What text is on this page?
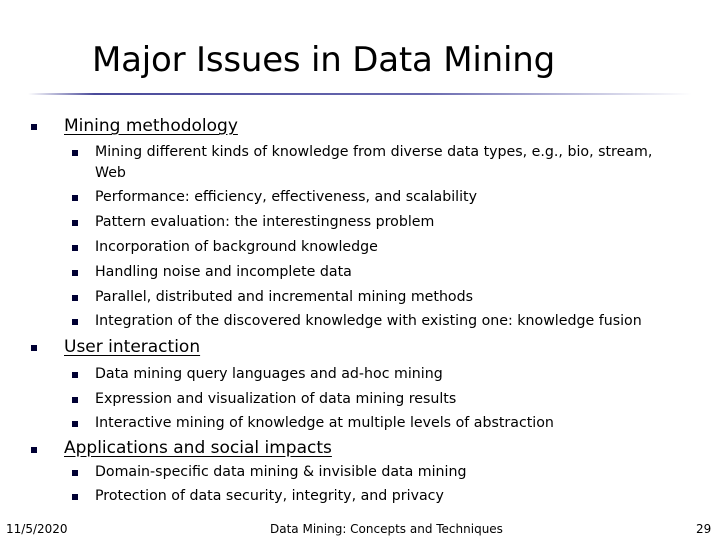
Major Issues in Data Mining
Mining methodology
Mining different kinds of knowledge from diverse data types, e.g., bio, stream,
Web
Performance: efficiency, effectiveness, and scalability
Pattern evaluation: the interestingness problem
Incorporation of background knowledge
Handling noise and incomplete data
Parallel, distributed and incremental mining methods
Integration of the discovered knowledge with existing one: knowledge fusion
User interaction
Data mining query languages and ad-hoc mining
Expression and visualization of data mining results
Interactive mining of knowledge at multiple levels of abstraction
Applications and social impacts
Domain-specific data mining & invisible data mining
Protection of data security, integrity, and privacy
11/5/2020	Data Mining: Concepts and Techniques	29
